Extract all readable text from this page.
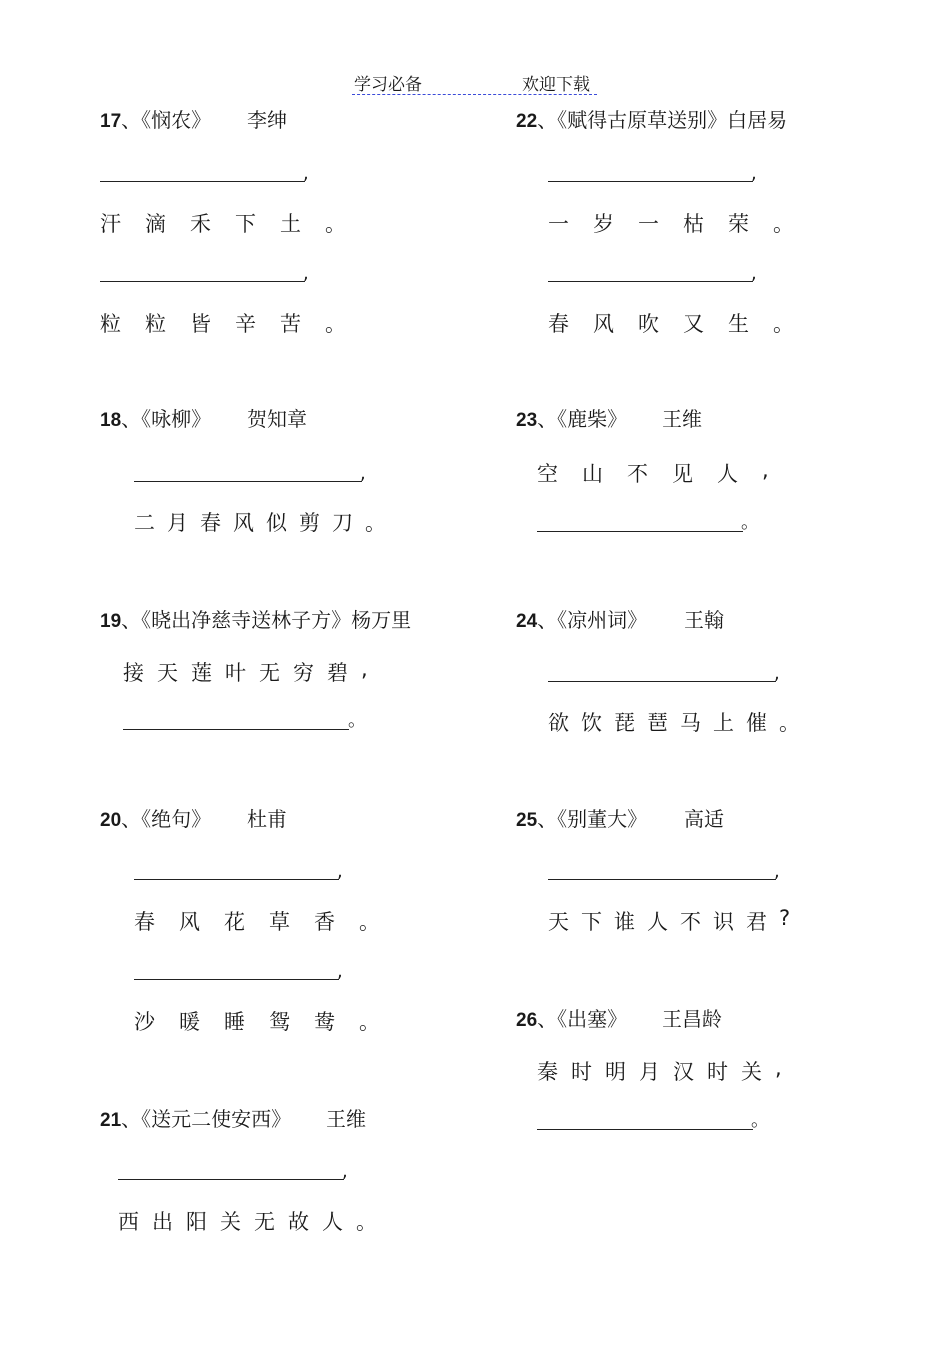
学习必备	欢迎下载
17、《悯农》 李绅
,
汗	滴	禾	下	土	。
,
粒	粒	皆	辛	苦	。
18、《咏柳》 贺知章
,
二 月 春 风 似 剪 刀 。
19、《晓出净慈寺送林子方》杨万里
接 天 莲 叶 无 穷 碧 ,
。
20、《绝句》 杜甫
,
春	风	花	草	香	。
,
沙	暖	睡	鸳	鸯	。
21、《送元二使安西》 王维
,
西 出 阳 关 无 故 人 。
22、《赋得古原草送别》白居易
,
一	岁	一	枯	荣	。
,
春	风	吹	又	生	。
23、《鹿柴》 王维
空	山	不	见	人	,
。
24、《凉州词》 王翰
,
欲 饮 琵 琶 马 上 催 。
25、《别董大》 高适
,
天 下 谁 人 不 识 君 ?
26、《出塞》 王昌龄
秦 时 明 月 汉 时 关 ,
。
